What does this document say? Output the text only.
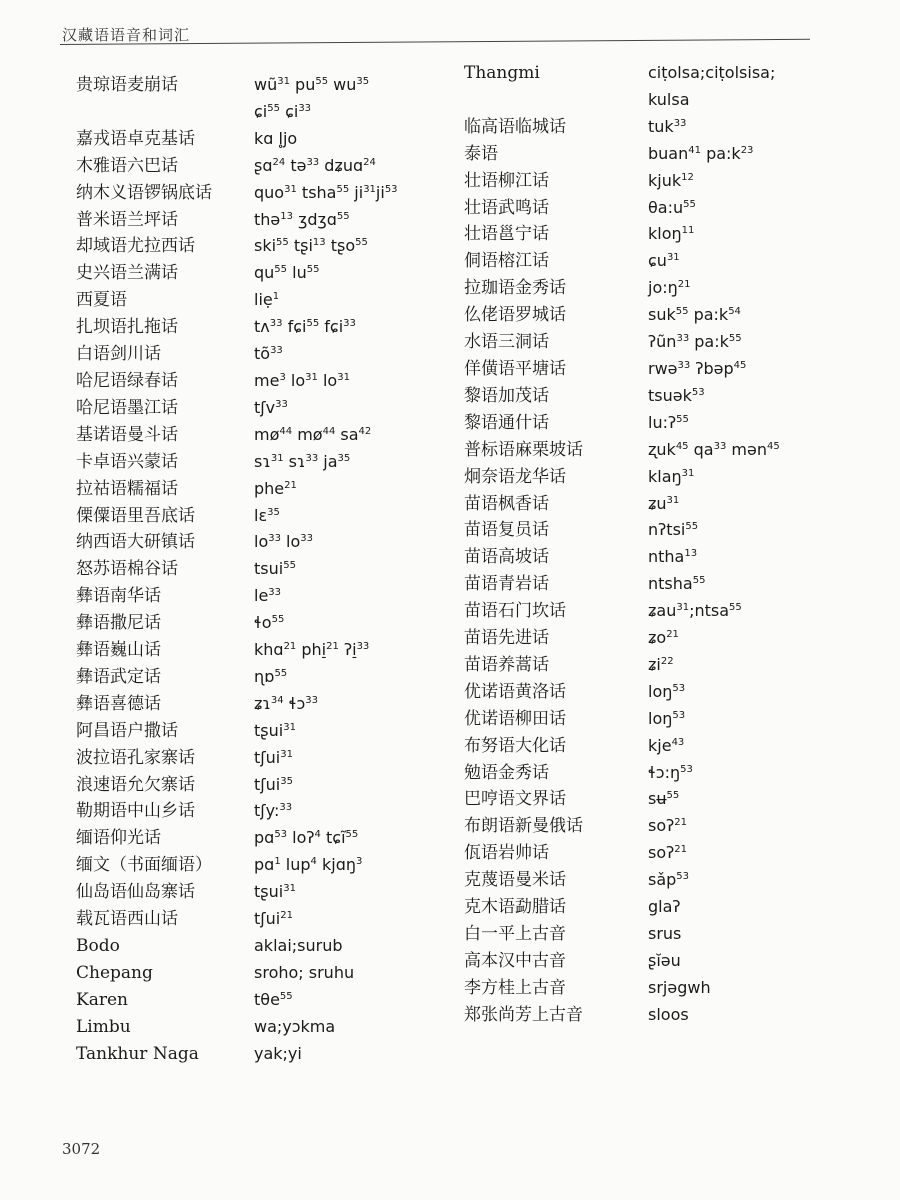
汉藏语语音和词汇
贵琼语麦崩话	$wũ^{31}$ $pu^{55}$ $wu^{35}$
ɕi$^{55}$ ɕi$^{33}$
嘉戎语卓克基话	kɑ l̥jo
木雅语六巴话	ʂɑ$^{24}$ tə$^{33}$ dʑuɑ$^{24}$
纳木义语锣锅底话	quo$^{31}$ tsha$^{55}$ $ji^{31}ji^{53}$
普米语兰坪话	thə$^{13}$ ʒdʒɑ$^{55}$
却域语尤拉西话	ski$^{55}$ tʂi$^{13}$ tʂo$^{55}$
史兴语兰满话	$qu^{55}$ $lu^{55}$
西夏语	liẹ$^1$
扎坝语扎拖话	tʌ$^{33}$ fɕi$^{55}$ fɕi$^{33}$
白语剑川话	$tõ^{33}$
哈尼语绿春话	$me^3$ $lo^{31}$ $lo^{31}$
哈尼语墨江话	tʃv$^{33}$
基诺语曼斗话	$mø^{44}$ $mø^{44}$ $sa^{42}$
卡卓语兴蒙话	sɿ$^{31}$ sɿ$^{33}$ $ja^{35}$
拉祜语糯福话	phe$^{21}$
傈僳语里吾底话	lɛ$^{35}$
纳西语大研镇话	$lo^{33}$ $lo^{33}$
怒苏语棉谷话	tsui$^{55}$
彝语南华话	$le^{33}$
彝语撒尼话	ɬo$^{55}$
彝语巍山话	khɑ$^{21}$ phi̠$^{21}$ ʔi̠$^{33}$
彝语武定话	ɳɒ$^{55}$
彝语喜德话	ʑɿ$^{34}$ ɬɔ$^{33}$
阿昌语户撒话	tʂui$^{31}$
波拉语孔家寨话	tʃui$^{31}$
浪速语允欠寨话	tʃui$^{35}$
勒期语中山乡话	tʃy:$^{33}$
缅语仰光话	pɑ$^{53}$ loʔ$^4$ tɕĩ$^{55}$
缅文（书面缅语）	pɑ$^1$ lup$^4$ kjɑŋ$^3$
仙岛语仙岛寨话	tʂui$^{31}$
载瓦语西山话	tʃui$^{21}$
Bodo	aklai;surub
Chepang	sroho; sruhu
Karen	tθe$^{55}$
Limbu	wa;yɔkma
Tankhur Naga	yak;yi
Thangmi	ciṭolsa;ciṭolsisa;
kulsa
临高语临城话	tuk$^{33}$
泰语	buan$^{41}$ $pa:k^{23}$
壮语柳江话	kjuk$^{12}$
壮语武鸣话	$\theta a:u^{55}$
壮语邕宁话	kloŋ$^{11}$
侗语榕江话	ɕu$^{31}$
拉珈语金秀话	$jo:ŋ^{21}$
仫佬语罗城话	suk$^{55}$ $pa:k^{54}$
水语三洞话	ʔũn$^{33}$ $pa:k^{55}$
佯僙语平塘话	rwə$^{33}$ ʔbəp$^{45}$
黎语加茂话	tsuək$^{53}$
黎语通什话	lu:ʔ$^{55}$
普标语麻栗坡话	ʐuk$^{45}$ $qa^{33}$ mən$^{45}$
炯奈语龙华话	klaŋ$^{31}$
苗语枫香话	ʑu$^{31}$
苗语复员话	nʔtsi$^{55}$
苗语高坡话	ntha$^{13}$
苗语青岩话	ntsha$^{55}$
苗语石门坎话	ʑau$^{31}$;ntsa$^{55}$
苗语先进话	ʑo$^{21}$
苗语养蒿话	ʑi$^{22}$
优诺语黄洛话	loŋ$^{53}$
优诺语柳田话	loŋ$^{53}$
布努语大化话	kje$^{43}$
勉语金秀话	$ɬɔ:ŋ^{53}$
巴哼语文界话	sʉ$^{55}$
布朗语新曼俄话	soʔ$^{21}$
佤语岩帅话	soʔ$^{21}$
克蔑语曼米话	sǎp$^{53}$
克木语勐腊话	glaʔ
白一平上古音	srus
高本汉中古音	ʂĭəu
李方桂上古音	srjəgwh
郑张尚芳上古音	sloos
3072
